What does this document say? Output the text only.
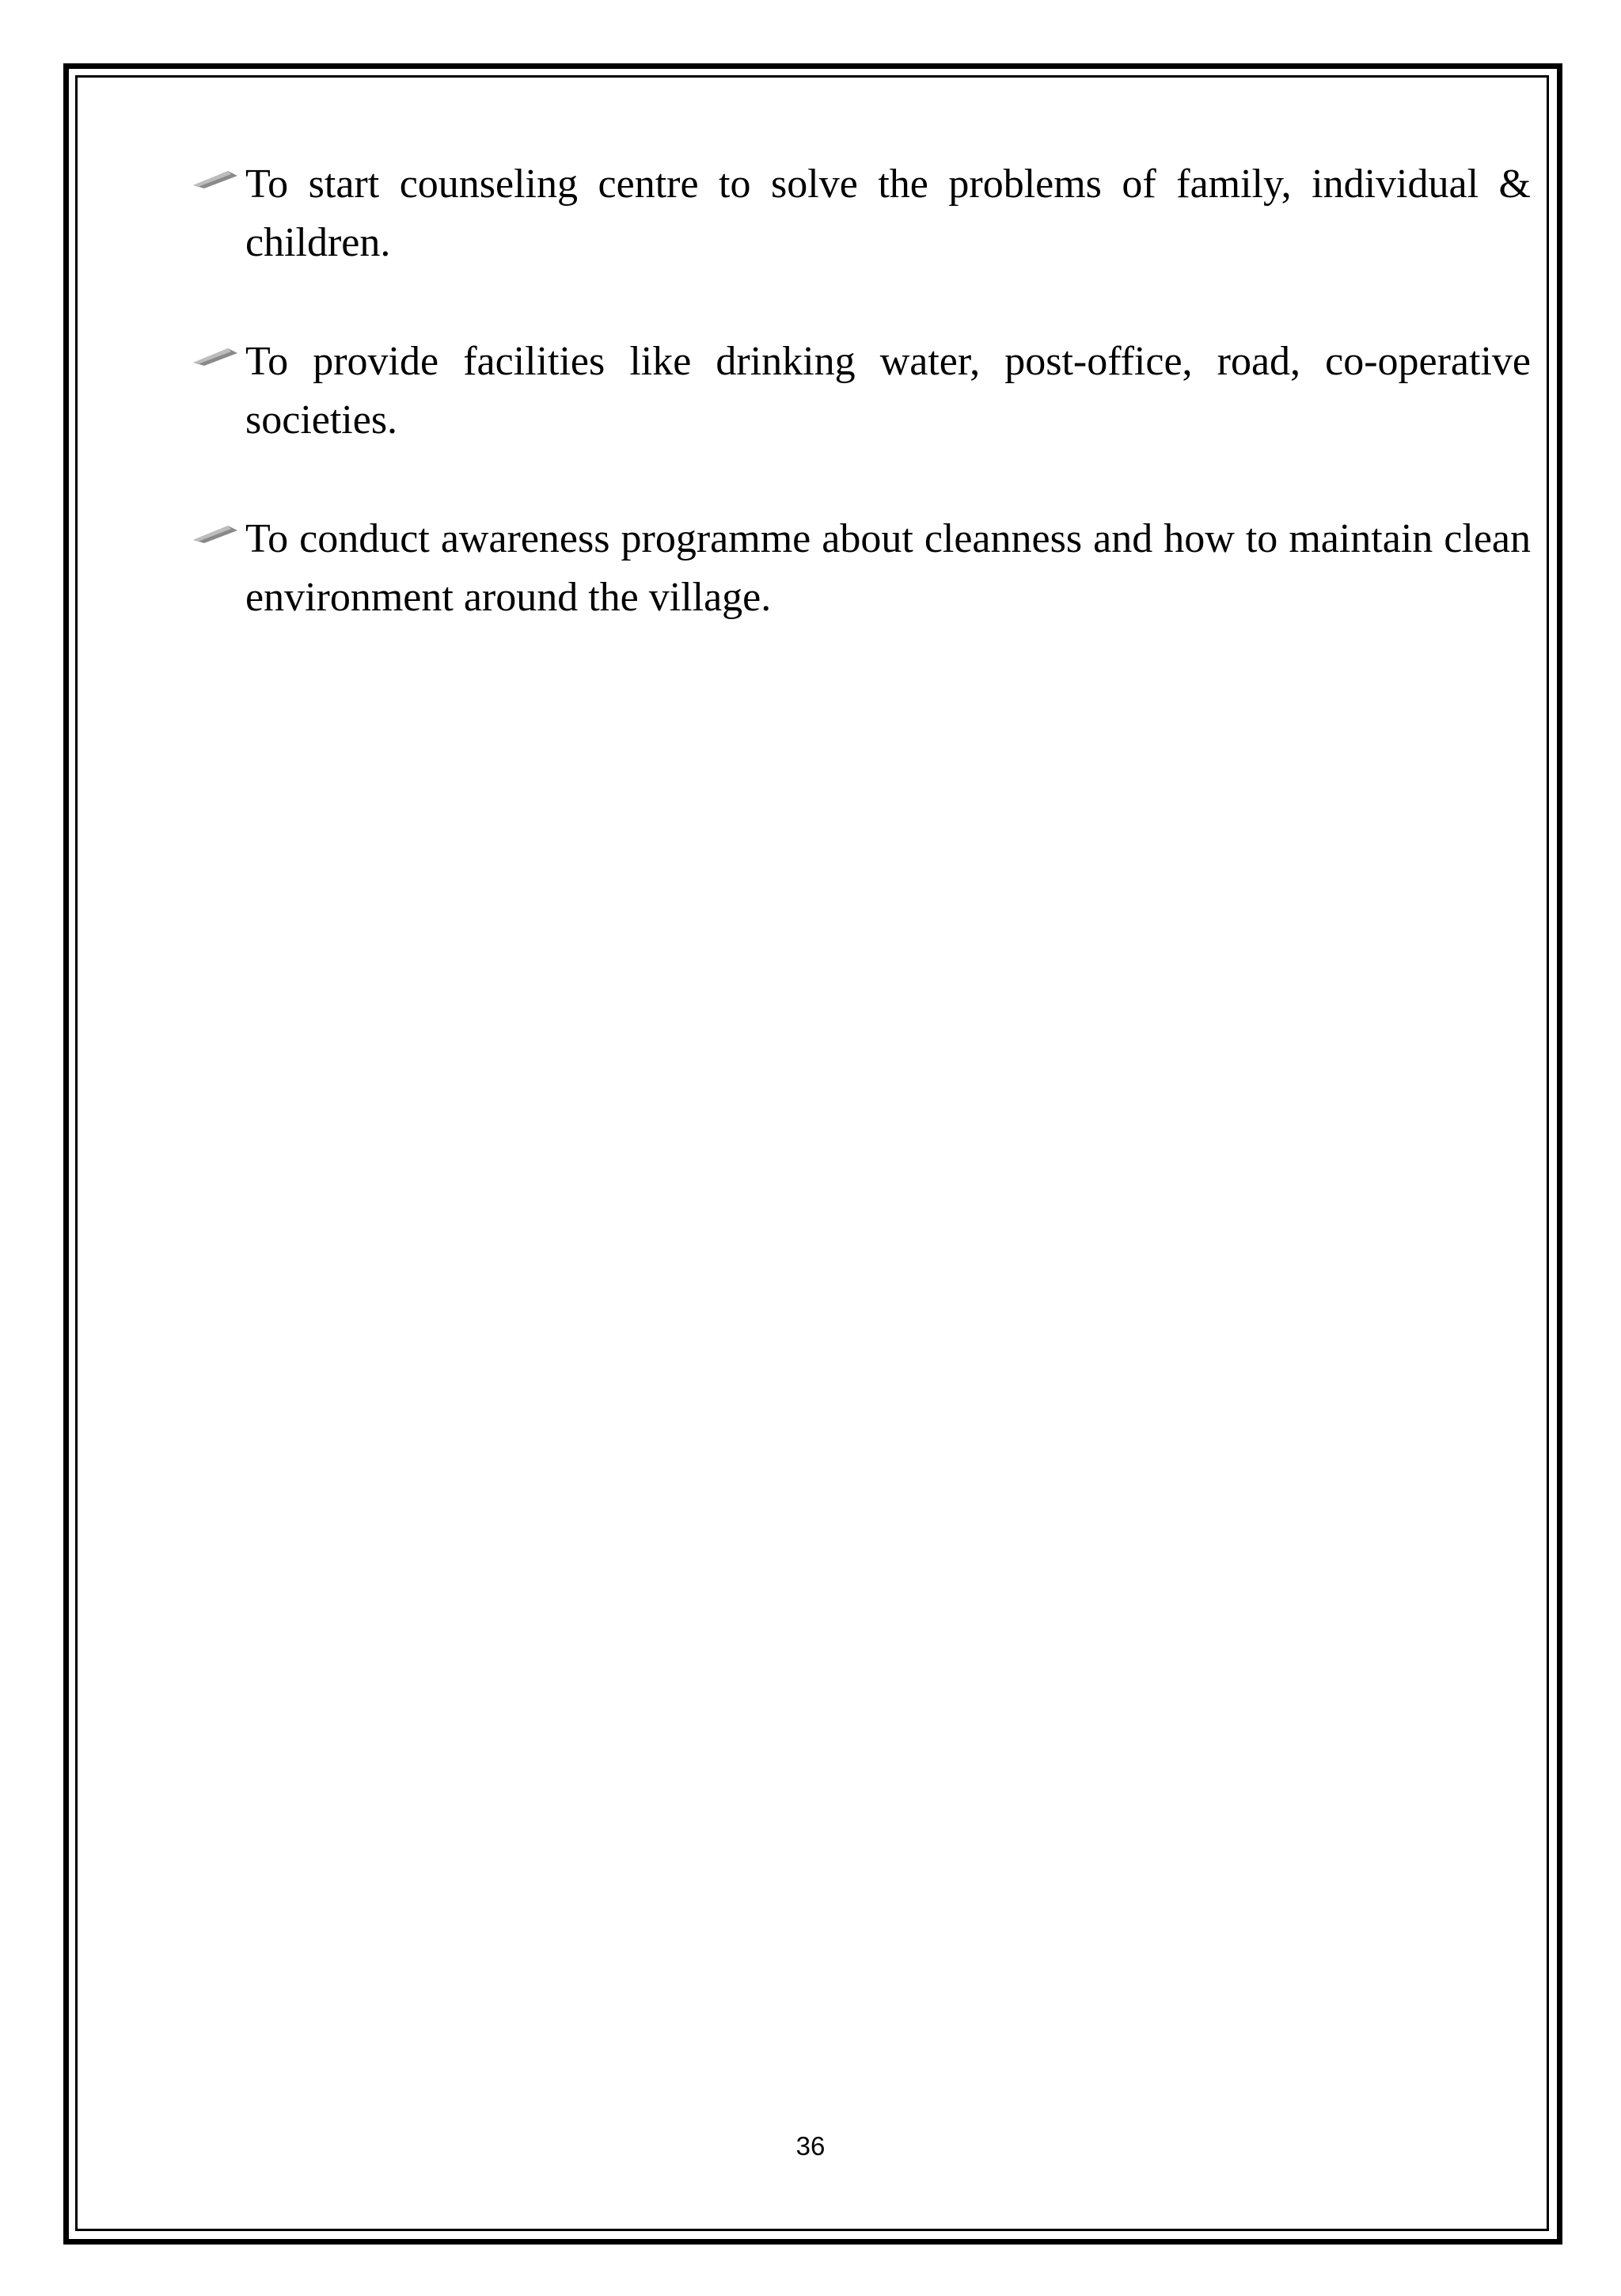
To start counseling centre to solve the problems of family, individual & children.

To provide facilities like drinking water, post-office, road, co-operative societies.

To conduct awareness programme about cleanness and how to maintain clean environment around the village.

36
